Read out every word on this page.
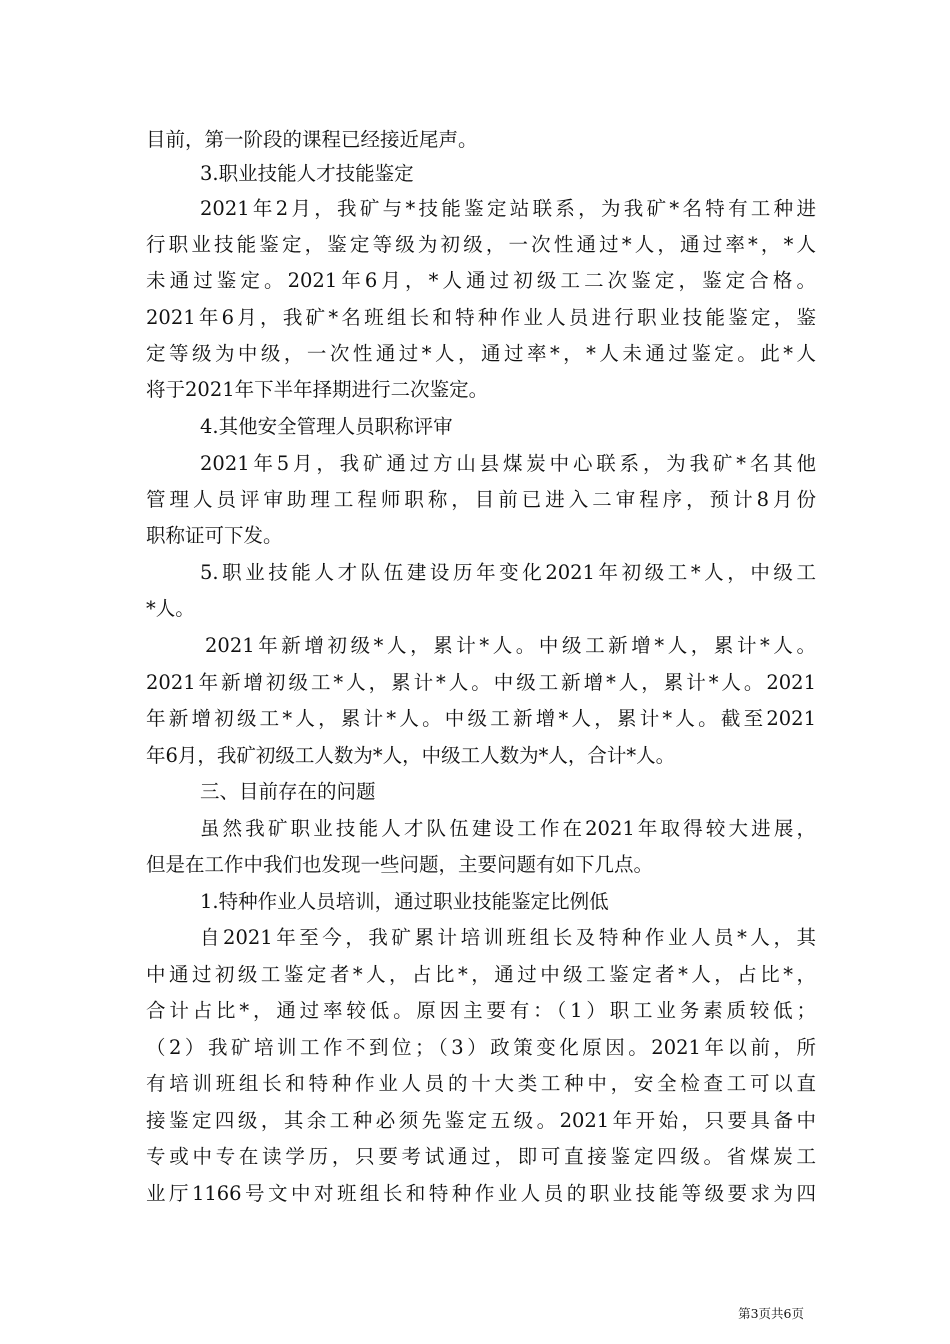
目前，第一阶段的课程已经接近尾声。
3.职业技能人才技能鉴定
2021年2月，我矿与*技能鉴定站联系，为我矿*名特有工种进
行职业技能鉴定，鉴定等级为初级，一次性通过*人，通过率*，*人
未通过鉴定。2021年6月，*人通过初级工二次鉴定，鉴定合格。
2021年6月，我矿*名班组长和特种作业人员进行职业技能鉴定，鉴
定等级为中级，一次性通过*人，通过率*，*人未通过鉴定。此*人
将于2021年下半年择期进行二次鉴定。
4.其他安全管理人员职称评审
2021年5月，我矿通过方山县煤炭中心联系，为我矿*名其他
管理人员评审助理工程师职称，目前已进入二审程序，预计8月份
职称证可下发。
5.职业技能人才队伍建设历年变化2021年初级工*人，中级工
*人。
2021年新增初级*人，累计*人。中级工新增*人，累计*人。
2021年新增初级工*人，累计*人。中级工新增*人，累计*人。2021
年新增初级工*人，累计*人。中级工新增*人，累计*人。截至2021
年6月，我矿初级工人数为*人，中级工人数为*人，合计*人。
三、目前存在的问题
虽然我矿职业技能人才队伍建设工作在2021年取得较大进展，
但是在工作中我们也发现一些问题，主要问题有如下几点。
1.特种作业人员培训，通过职业技能鉴定比例低
自2021年至今，我矿累计培训班组长及特种作业人员*人，其
中通过初级工鉴定者*人，占比*，通过中级工鉴定者*人，占比*，
合计占比*，通过率较低。原因主要有：（1）职工业务素质较低；
（2）我矿培训工作不到位；（3）政策变化原因。2021年以前，所
有培训班组长和特种作业人员的十大类工种中，安全检查工可以直
接鉴定四级，其余工种必须先鉴定五级。2021年开始，只要具备中
专或中专在读学历，只要考试通过，即可直接鉴定四级。省煤炭工
业厅1166号文中对班组长和特种作业人员的职业技能等级要求为四
第3页共6页
